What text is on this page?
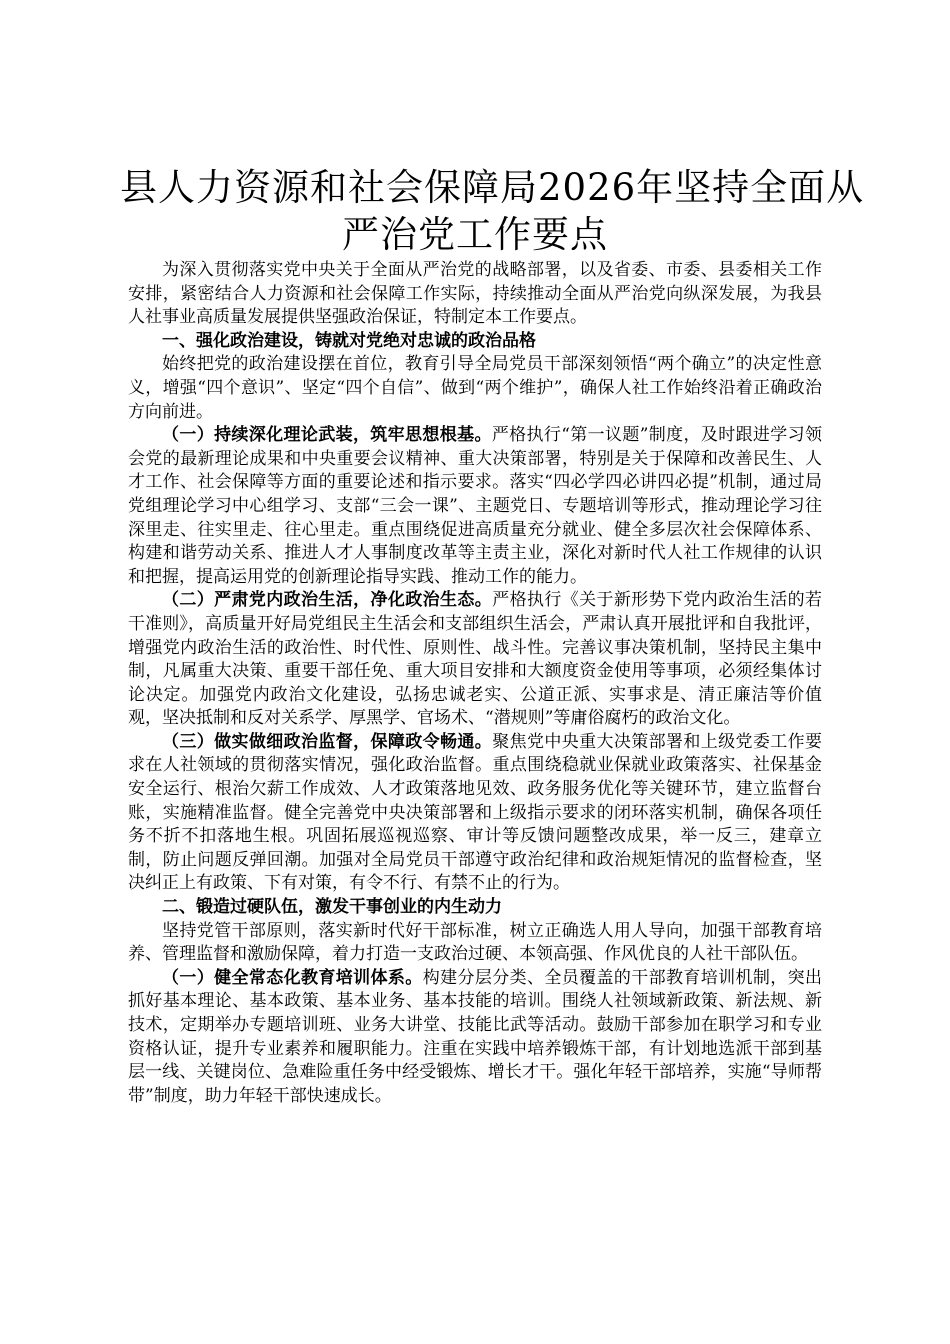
县人力资源和社会保障局2026年坚持全面从
严治党工作要点

为深入贯彻落实党中央关于全面从严治党的战略部署，以及省委、市委、县委相关工作安排，紧密结合人力资源和社会保障工作实际，持续推动全面从严治党向纵深发展，为我县人社事业高质量发展提供坚强政治保证，特制定本工作要点。

一、强化政治建设，铸就对党绝对忠诚的政治品格

始终把党的政治建设摆在首位，教育引导全局党员干部深刻领悟“两个确立”的决定性意义，增强“四个意识”、坚定“四个自信”、做到“两个维护”，确保人社工作始终沿着正确政治方向前进。

（一）持续深化理论武装，筑牢思想根基。严格执行“第一议题”制度，及时跟进学习领会党的最新理论成果和中央重要会议精神、重大决策部署，特别是关于保障和改善民生、人才工作、社会保障等方面的重要论述和指示要求。落实“四必学四必讲四必提”机制，通过局党组理论学习中心组学习、支部“三会一课”、主题党日、专题培训等形式，推动理论学习往深里走、往实里走、往心里走。重点围绕促进高质量充分就业、健全多层次社会保障体系、构建和谐劳动关系、推进人才人事制度改革等主责主业，深化对新时代人社工作规律的认识和把握，提高运用党的创新理论指导实践、推动工作的能力。

（二）严肃党内政治生活，净化政治生态。严格执行《关于新形势下党内政治生活的若干准则》，高质量开好局党组民主生活会和支部组织生活会，严肃认真开展批评和自我批评，增强党内政治生活的政治性、时代性、原则性、战斗性。完善议事决策机制，坚持民主集中制，凡属重大决策、重要干部任免、重大项目安排和大额度资金使用等事项，必须经集体讨论决定。加强党内政治文化建设，弘扬忠诚老实、公道正派、实事求是、清正廉洁等价值观，坚决抵制和反对关系学、厚黑学、官场术、“潜规则”等庸俗腐朽的政治文化。

（三）做实做细政治监督，保障政令畅通。聚焦党中央重大决策部署和上级党委工作要求在人社领域的贯彻落实情况，强化政治监督。重点围绕稳就业保就业政策落实、社保基金安全运行、根治欠薪工作成效、人才政策落地见效、政务服务优化等关键环节，建立监督台账，实施精准监督。健全完善党中央决策部署和上级指示要求的闭环落实机制，确保各项任务不折不扣落地生根。巩固拓展巡视巡察、审计等反馈问题整改成果，举一反三，建章立制，防止问题反弹回潮。加强对全局党员干部遵守政治纪律和政治规矩情况的监督检查，坚决纠正上有政策、下有对策，有令不行、有禁不止的行为。

二、锻造过硬队伍，激发干事创业的内生动力

坚持党管干部原则，落实新时代好干部标准，树立正确选人用人导向，加强干部教育培养、管理监督和激励保障，着力打造一支政治过硬、本领高强、作风优良的人社干部队伍。

（一）健全常态化教育培训体系。构建分层分类、全员覆盖的干部教育培训机制，突出抓好基本理论、基本政策、基本业务、基本技能的培训。围绕人社领域新政策、新法规、新技术，定期举办专题培训班、业务大讲堂、技能比武等活动。鼓励干部参加在职学习和专业资格认证，提升专业素养和履职能力。注重在实践中培养锻炼干部，有计划地选派干部到基层一线、关键岗位、急难险重任务中经受锻炼、增长才干。强化年轻干部培养，实施“导师帮带”制度，助力年轻干部快速成长。
